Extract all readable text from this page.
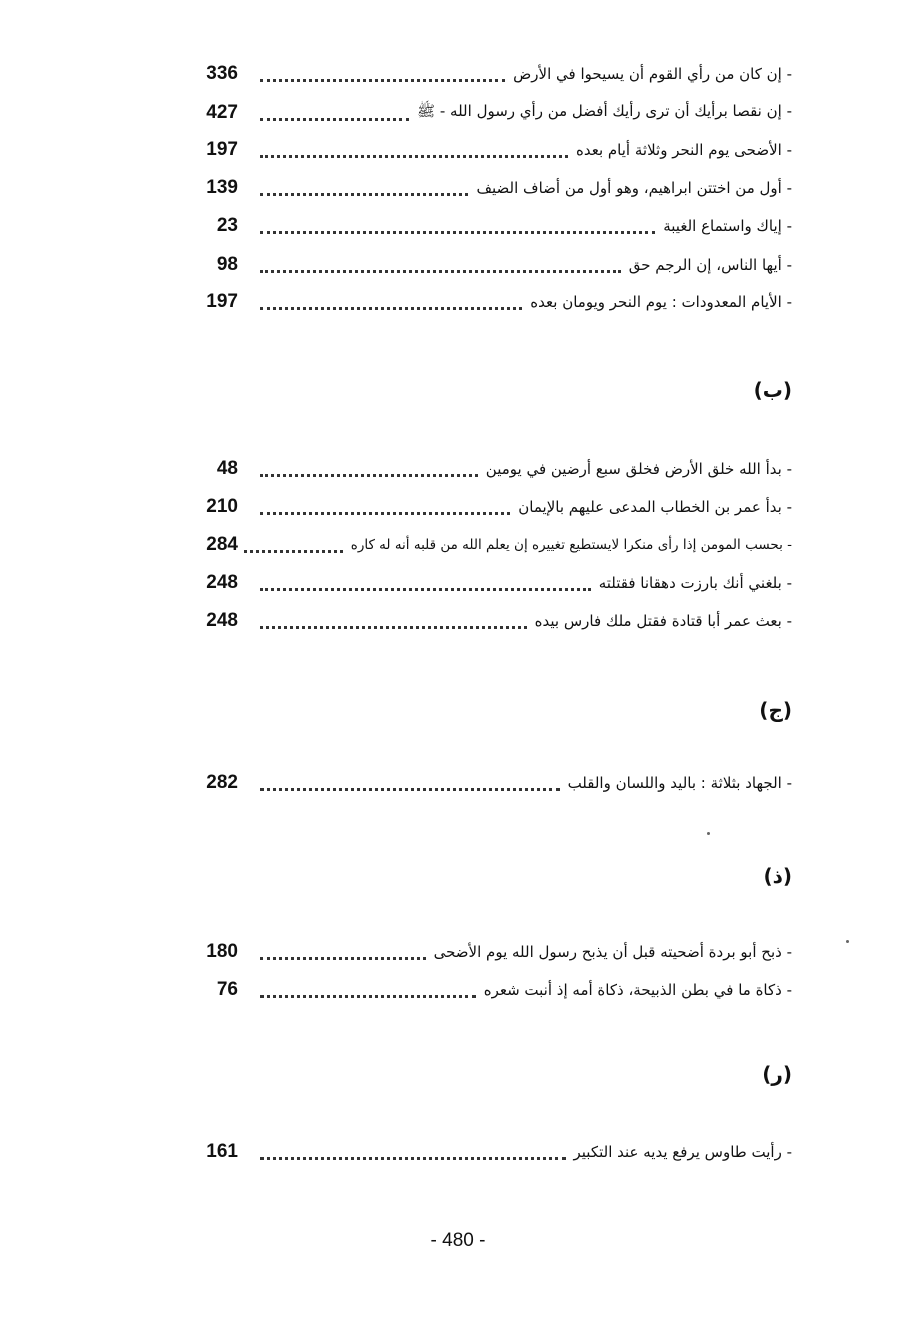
336	- إن كان من رأي القوم أن يسيحوا في الأرض
427	- إن نقصا برأيك أن ترى رأيك أفضل من رأي رسول الله - ﷺ
197	- الأضحى يوم النحر وثلاثة أيام بعده
139	- أول من اختتن ابراهيم، وهو أول من أضاف الضيف
23	- إياك واستماع الغيبة
98	- أيها الناس، إن الرجم حق
197	- الأيام المعدودات : يوم النحر ويومان بعده
(ب)
48	- بدأ الله خلق الأرض فخلق سبع أرضين في يومين
210	- بدأ عمر بن الخطاب المدعى عليهم بالإيمان
284	- بحسب المومن إذا رأى منكرا لايستطيع تغييره إن يعلم الله من قلبه أنه له كاره
248	- بلغني أنك بارزت دهقانا فقتلته
248	- بعث عمر أبا قتادة فقتل ملك فارس بيده
(ج)
282	- الجهاد بثلاثة : باليد واللسان والقلب
(ذ)
180	- ذبح أبو بردة أضحيته قبل أن يذبح رسول الله يوم الأضحى
76	- ذكاة ما في بطن الذبيحة، ذكاة أمه إذ أنبت شعره
(ر)
161	- رأيت طاوس يرفع يديه عند التكبير
- 480 -
